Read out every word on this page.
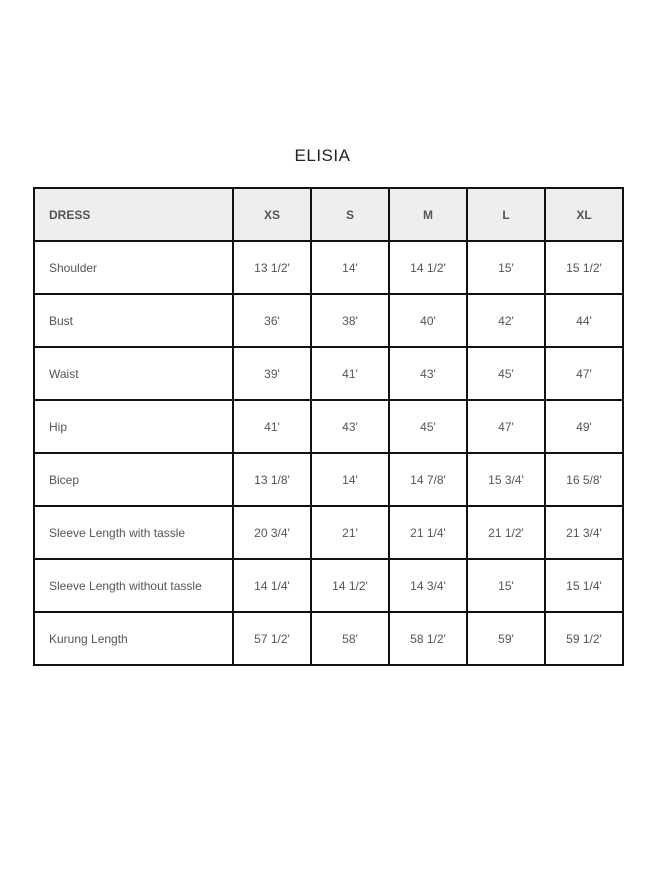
ELISIA
DRESS	XS	S	M	L	XL
Shoulder	13 1/2'	14'	14 1/2'	15'	15 1/2'
Bust	36'	38'	40'	42'	44'
Waist	39'	41'	43'	45'	47'
Hip	41'	43'	45'	47'	49'
Bicep	13 1/8'	14'	14 7/8'	15 3/4'	16 5/8'
Sleeve Length with tassle	20 3/4'	21'	21 1/4'	21 1/2'	21 3/4'
Sleeve Length without tassle	14 1/4'	14 1/2'	14 3/4'	15'	15 1/4'
Kurung Length	57 1/2'	58'	58 1/2'	59'	59 1/2'
